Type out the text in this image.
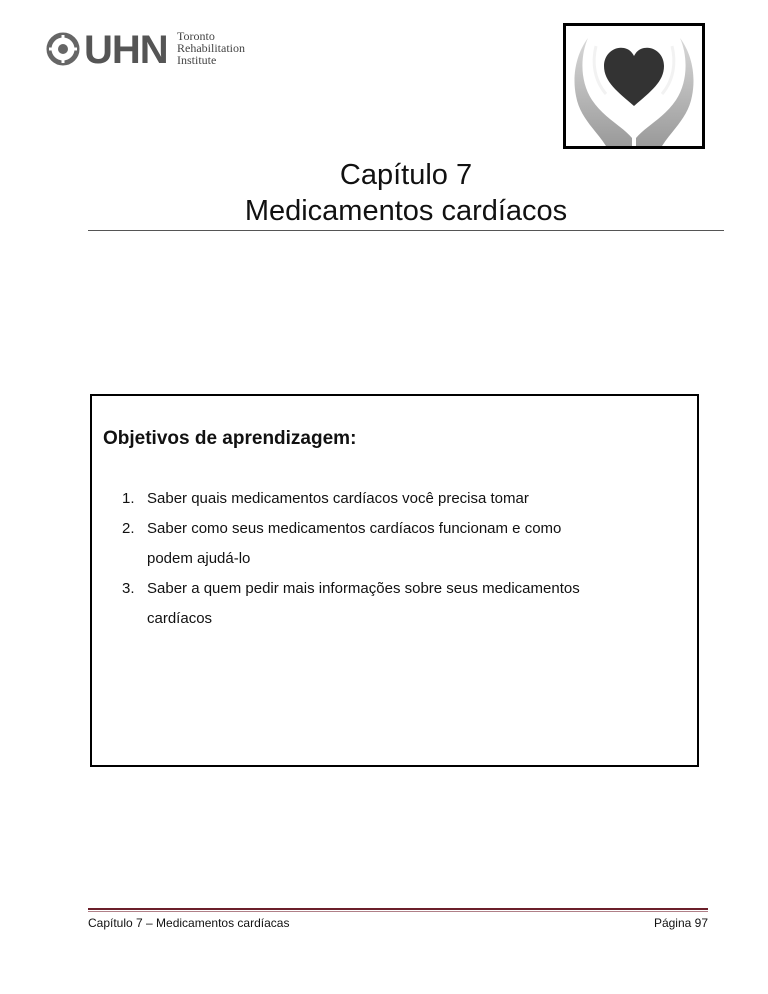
UHN Toronto
Rehabilitation
Institute
Capítulo 7
Medicamentos cardíacos
Objetivos de aprendizagem:
1. Saber quais medicamentos cardíacos você precisa tomar
2. Saber como seus medicamentos cardíacos funcionam e como
podem ajudá-lo
3. Saber a quem pedir mais informações sobre seus medicamentos
cardíacos
Capítulo 7 – Medicamentos cardíacas	Página 97
